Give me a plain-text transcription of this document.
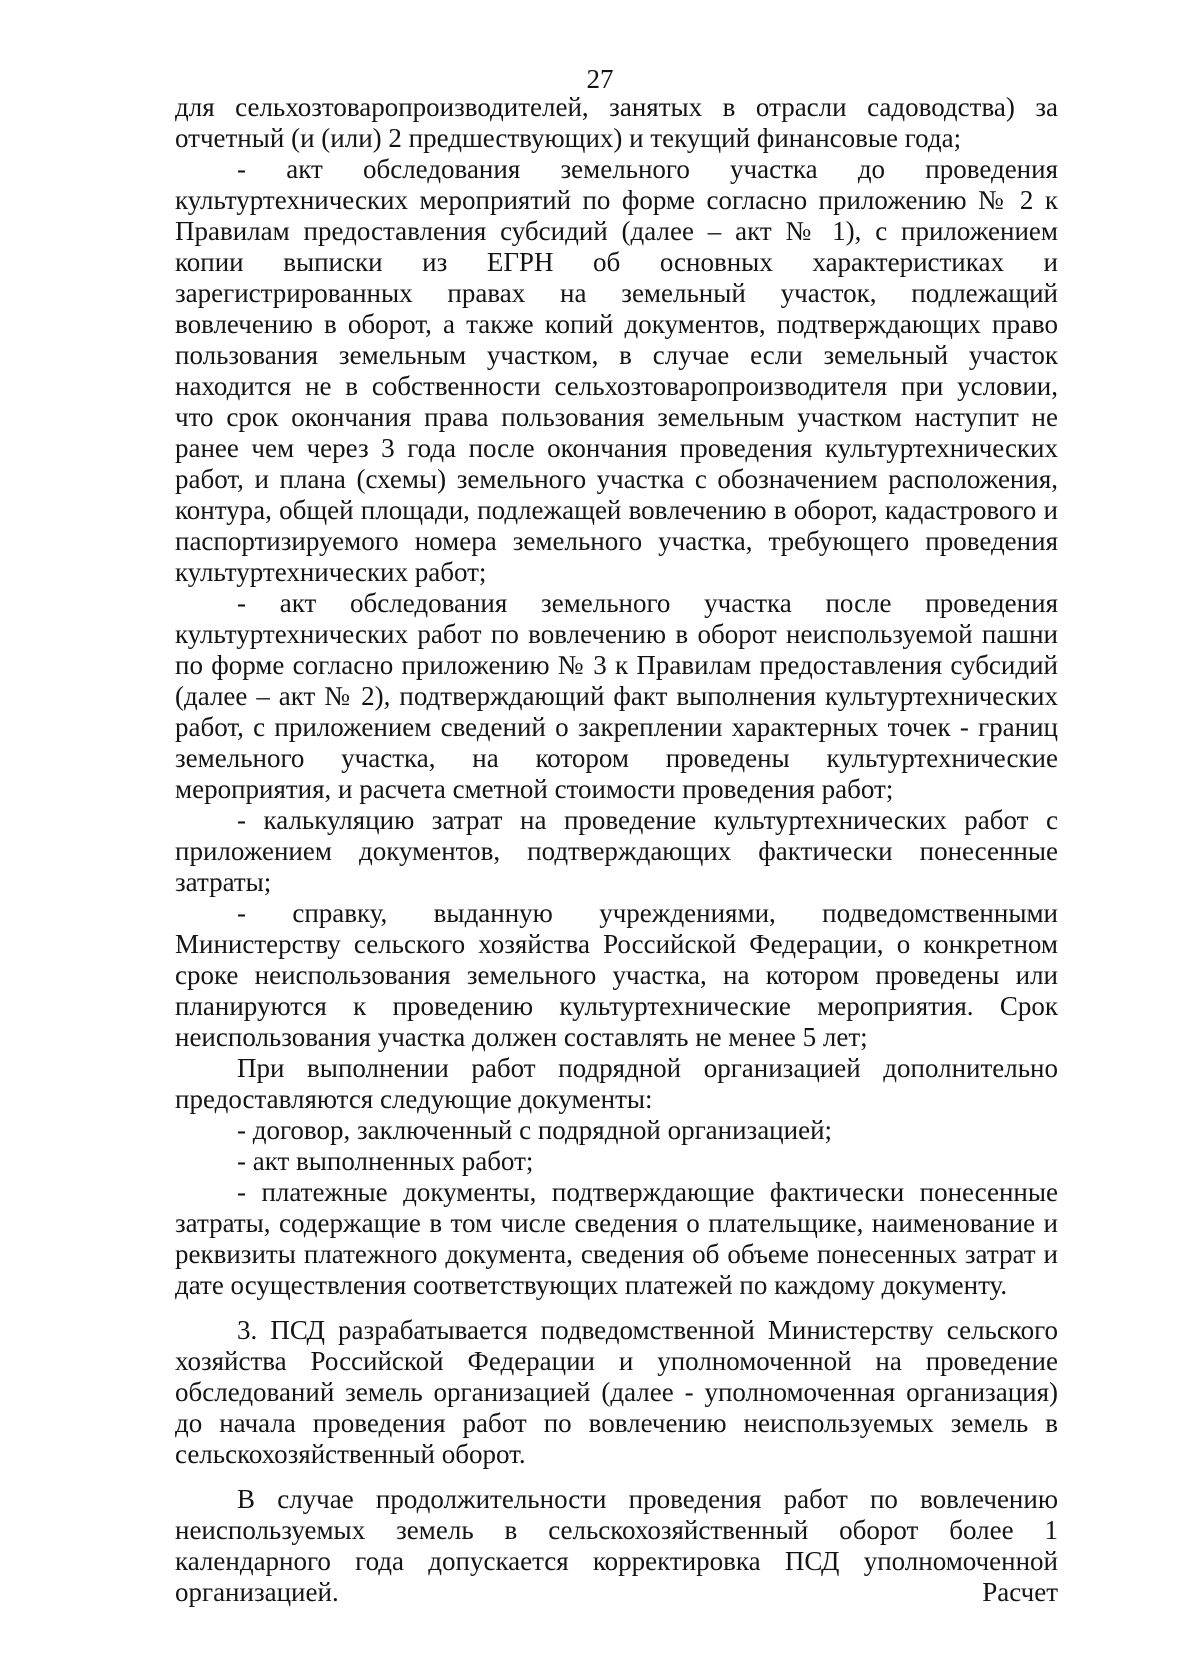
27

для сельхозтоваропроизводителей, занятых в отрасли садоводства) за отчетный (и (или) 2 предшествующих) и текущий финансовые года;

- акт обследования земельного участка до проведения культуртехнических мероприятий по форме согласно приложению № 2 к Правилам предоставления субсидий (далее – акт № 1), с приложением копии выписки из ЕГРН об основных характеристиках и зарегистрированных правах на земельный участок, подлежащий вовлечению в оборот, а также копий документов, подтверждающих право пользования земельным участком, в случае если земельный участок находится не в собственности сельхозтоваропроизводителя при условии, что срок окончания права пользования земельным участком наступит не ранее чем через 3 года после окончания проведения культуртехнических работ, и плана (схемы) земельного участка с обозначением расположения, контура, общей площади, подлежащей вовлечению в оборот, кадастрового и паспортизируемого номера земельного участка, требующего проведения культуртехнических работ;

- акт обследования земельного участка после проведения культуртехнических работ по вовлечению в оборот неиспользуемой пашни по форме согласно приложению № 3 к Правилам предоставления субсидий (далее – акт № 2), подтверждающий факт выполнения культуртехнических работ, с приложением сведений о закреплении характерных точек - границ земельного участка, на котором проведены культуртехнические мероприятия, и расчета сметной стоимости проведения работ;

- калькуляцию затрат на проведение культуртехнических работ с приложением документов, подтверждающих фактически понесенные затраты;

- справку, выданную учреждениями, подведомственными Министерству сельского хозяйства Российской Федерации, о конкретном сроке неиспользования земельного участка, на котором проведены или планируются к проведению культуртехнические мероприятия. Срок неиспользования участка должен составлять не менее 5 лет;

При выполнении работ подрядной организацией дополнительно предоставляются следующие документы:

- договор, заключенный с подрядной организацией;

- акт выполненных работ;

- платежные документы, подтверждающие фактически понесенные затраты, содержащие в том числе сведения о плательщике, наименование и реквизиты платежного документа, сведения об объеме понесенных затрат и дате осуществления соответствующих платежей по каждому документу.

3. ПСД разрабатывается подведомственной Министерству сельского хозяйства Российской Федерации и уполномоченной на проведение обследований земель организацией (далее - уполномоченная организация) до начала проведения работ по вовлечению неиспользуемых земель в сельскохозяйственный оборот.

В случае продолжительности проведения работ по вовлечению неиспользуемых земель в сельскохозяйственный оборот более 1 календарного года допускается корректировка ПСД уполномоченной организацией. Расчет
